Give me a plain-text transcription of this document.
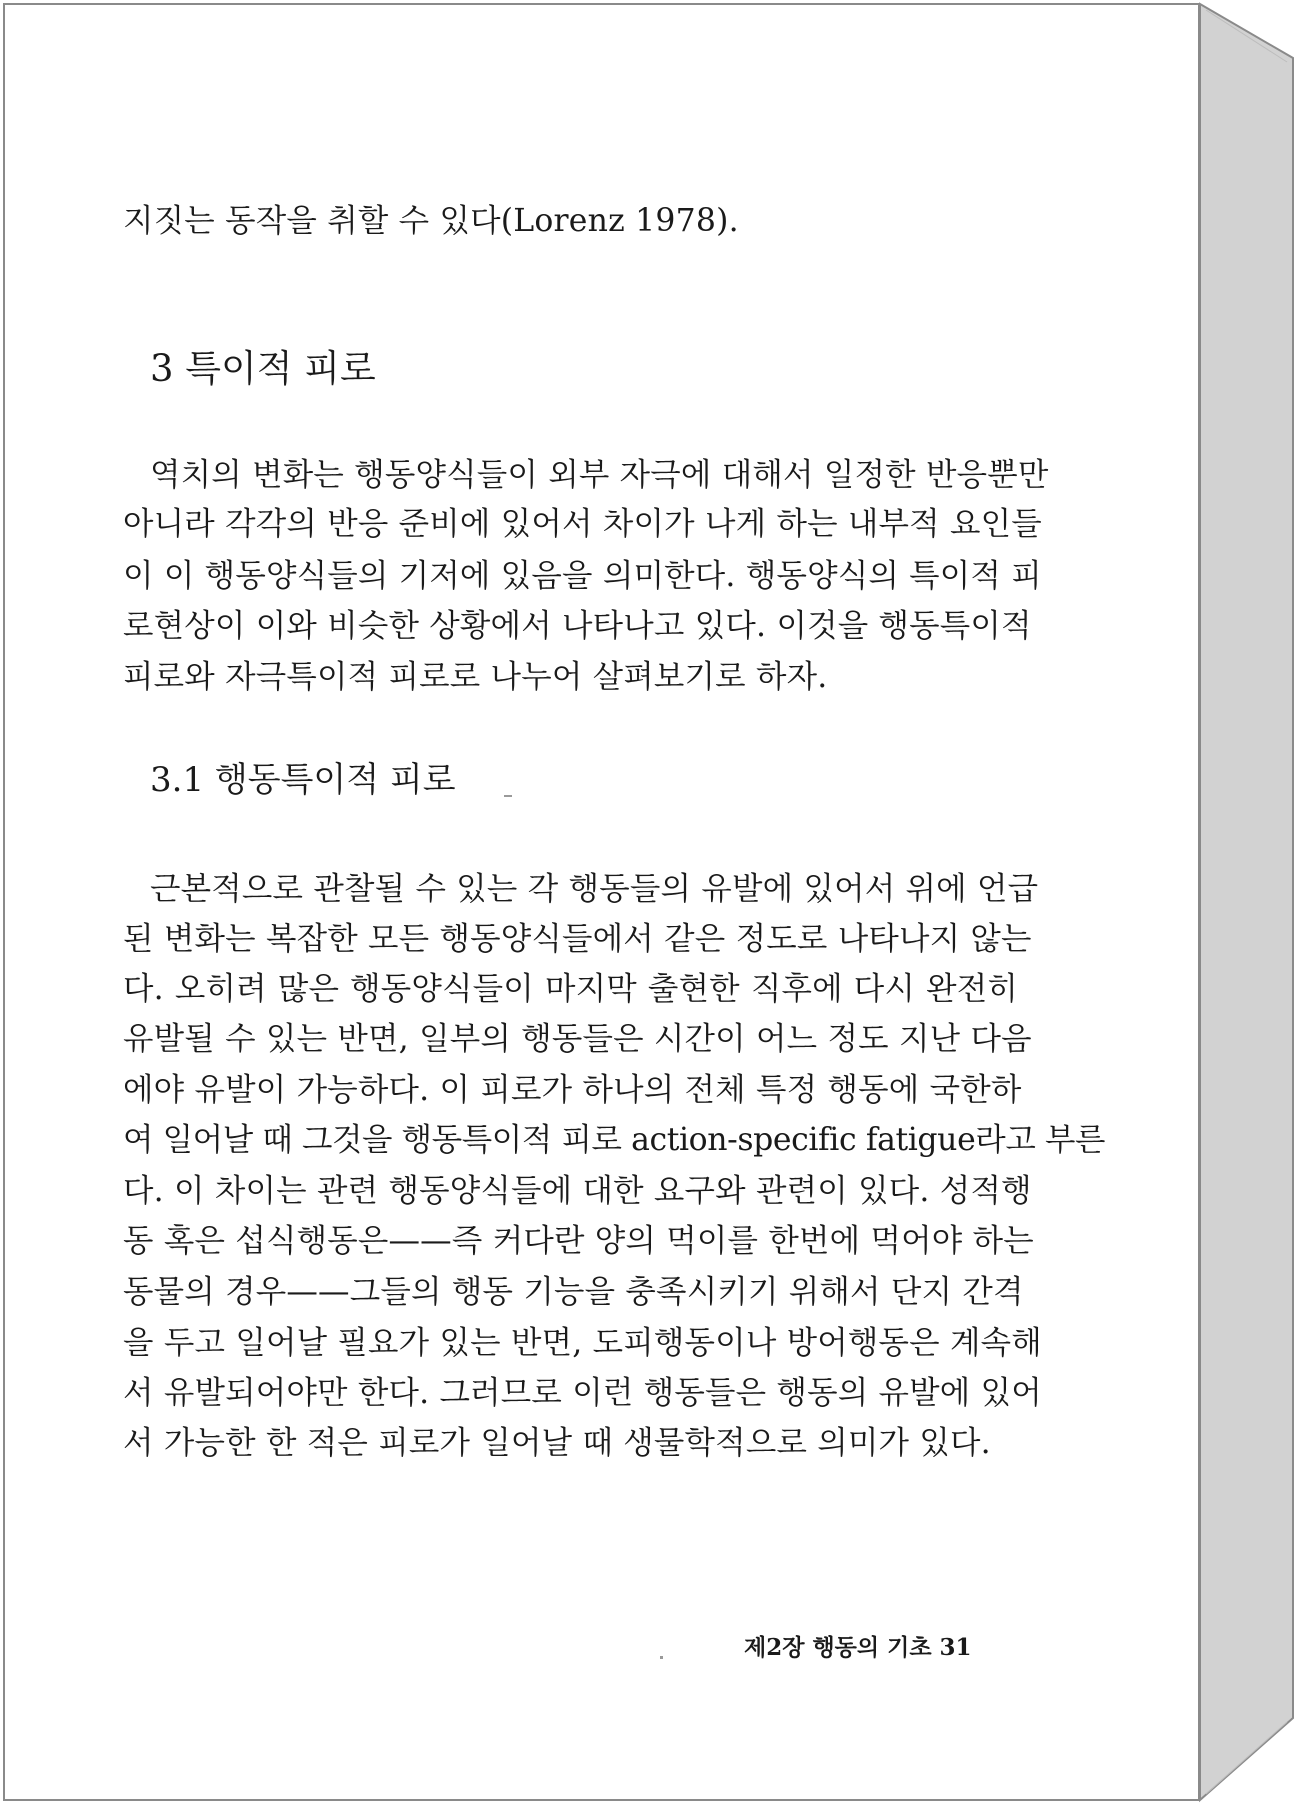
지짓는 동작을 취할 수 있다(Lorenz 1978).
3 특이적 피로
역치의 변화는 행동양식들이 외부 자극에 대해서 일정한 반응뿐만
아니라 각각의 반응 준비에 있어서 차이가 나게 하는 내부적 요인들
이 이 행동양식들의 기저에 있음을 의미한다. 행동양식의 특이적 피
로현상이 이와 비슷한 상황에서 나타나고 있다. 이것을 행동특이적
피로와 자극특이적 피로로 나누어 살펴보기로 하자.
3.1 행동특이적 피로
근본적으로 관찰될 수 있는 각 행동들의 유발에 있어서 위에 언급
된 변화는 복잡한 모든 행동양식들에서 같은 정도로 나타나지 않는
다. 오히려 많은 행동양식들이 마지막 출현한 직후에 다시 완전히
유발될 수 있는 반면, 일부의 행동들은 시간이 어느 정도 지난 다음
에야 유발이 가능하다. 이 피로가 하나의 전체 특정 행동에 국한하
여 일어날 때 그것을 행동특이적 피로 action-specific fatigue라고 부른
다. 이 차이는 관련 행동양식들에 대한 요구와 관련이 있다. 성적행
동 혹은 섭식행동은——즉 커다란 양의 먹이를 한번에 먹어야 하는
동물의 경우——그들의 행동 기능을 충족시키기 위해서 단지 간격
을 두고 일어날 필요가 있는 반면, 도피행동이나 방어행동은 계속해
서 유발되어야만 한다. 그러므로 이런 행동들은 행동의 유발에 있어
서 가능한 한 적은 피로가 일어날 때 생물학적으로 의미가 있다.
제2장 행동의 기초 31
